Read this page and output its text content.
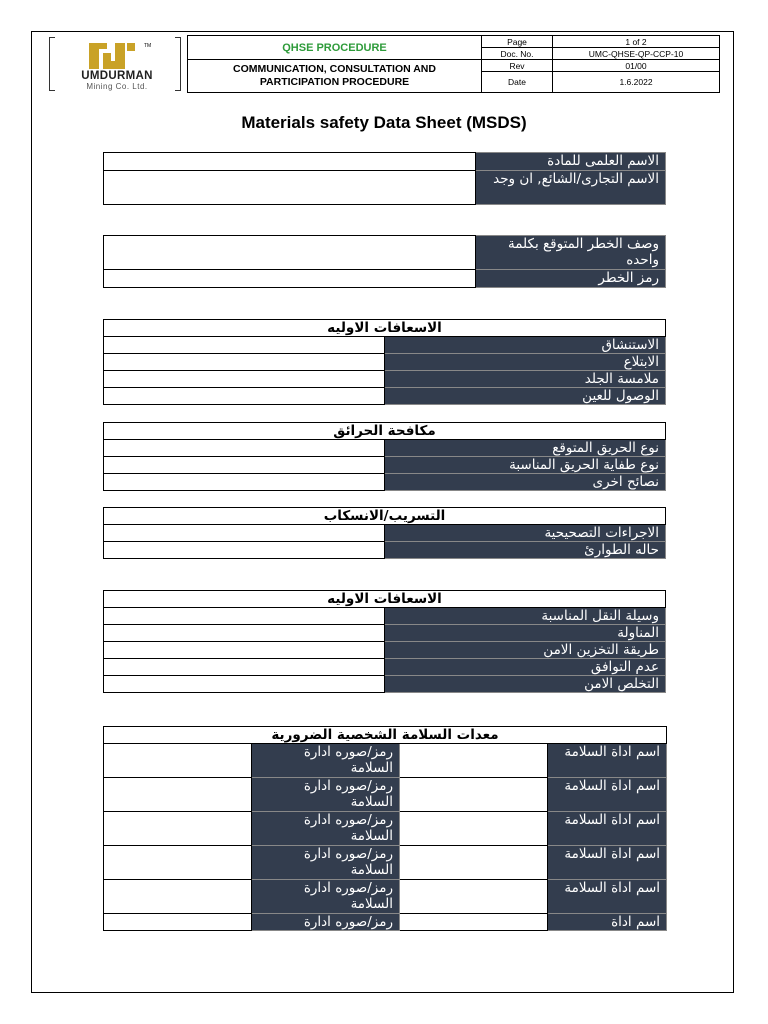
TM
UMDURMAN
Mining Co. Ltd.
QHSE PROCEDURE	Page	1 of 2
	Doc. No.	UMC-QHSE-QP-CCP-10

COMMUNICATION, CONSULTATION AND
PARTICIPATION PROCEDURE	Rev	01/00
	Date	1.6.2022
Materials safety Data Sheet (MSDS)
	الاسم العلمى للمادة
	الاسم التجارى/الشائع, ان وجد
	وصف الخطر المتوقع بكلمة واحده
	رمز الخطر
الاسعافات الاوليه	
	الاستنشاق
	الابتلاع
	ملامسة الجلد
	الوصول للعين
مكافحة الحرائق	
	نوع الحريق المتوقع
	نوع طفاية الحريق المناسبة
	نصائح اخرى
التسريب/الانسكاب	
	الاجراءات التصحيحية
	حاله الطوارئ
الاسعافات الاوليه	
	وسيلة النقل المناسبة
	المناولة
	طريقة التخزين الامن
	عدم التوافق
	التخلص الامن
معدات السلامة الشخصية الضرورية			
	رمز/صوره ادارة السلامة		اسم اداة السلامة
	رمز/صوره ادارة السلامة		اسم اداة السلامة
	رمز/صوره ادارة السلامة		اسم اداة السلامة
	رمز/صوره ادارة السلامة		اسم اداة السلامة
	رمز/صوره ادارة السلامة		اسم اداة السلامة
	رمز/صوره ادارة		اسم اداة
